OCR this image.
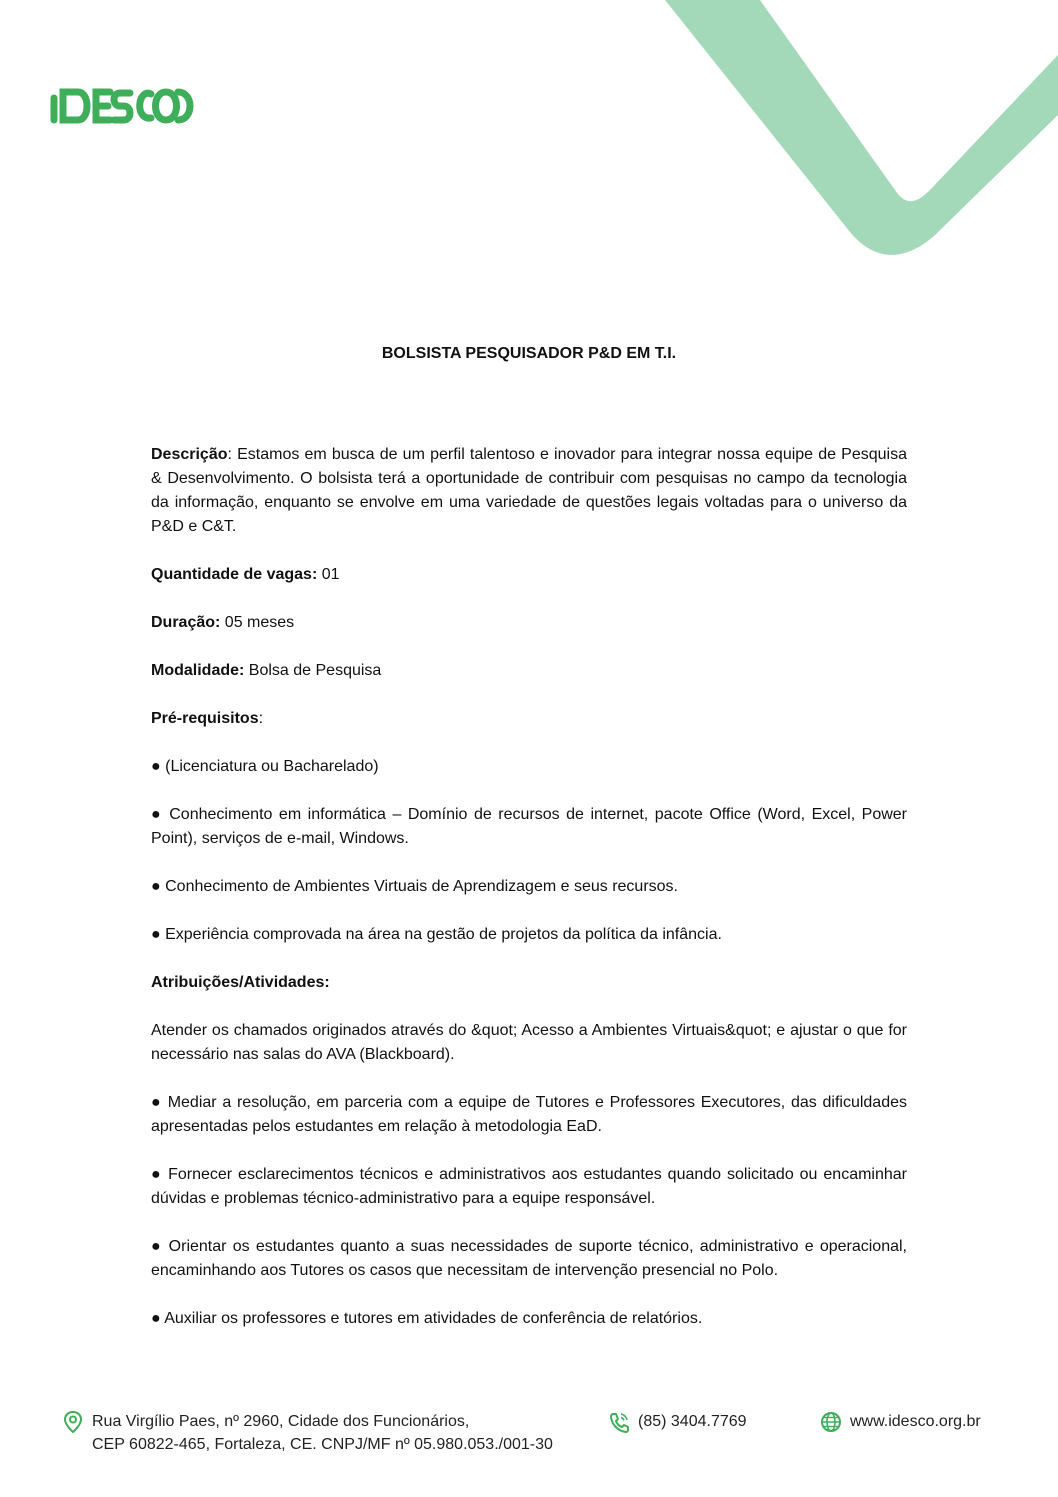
BOLSISTA PESQUISADOR P&D EM T.I.

Descrição: Estamos em busca de um perfil talentoso e inovador para integrar nossa equipe de Pesquisa & Desenvolvimento. O bolsista terá a oportunidade de contribuir com pesquisas no campo da tecnologia da informação, enquanto se envolve em uma variedade de questões legais voltadas para o universo da P&D e C&T.

Quantidade de vagas: 01

Duração: 05 meses

Modalidade: Bolsa de Pesquisa

Pré-requisitos:

● (Licenciatura ou Bacharelado)

● Conhecimento em informática – Domínio de recursos de internet, pacote Office (Word, Excel, Power Point), serviços de e-mail, Windows.

● Conhecimento de Ambientes Virtuais de Aprendizagem e seus recursos.

● Experiência comprovada na área na gestão de projetos da política da infância.

Atribuições/Atividades:

Atender os chamados originados através do &quot; Acesso a Ambientes Virtuais&quot; e ajustar o que for necessário nas salas do AVA (Blackboard).

● Mediar a resolução, em parceria com a equipe de Tutores e Professores Executores, das dificuldades apresentadas pelos estudantes em relação à metodologia EaD.

● Fornecer esclarecimentos técnicos e administrativos aos estudantes quando solicitado ou encaminhar dúvidas e problemas técnico-administrativo para a equipe responsável.

● Orientar os estudantes quanto a suas necessidades de suporte técnico, administrativo e operacional, encaminhando aos Tutores os casos que necessitam de intervenção presencial no Polo.

● Auxiliar os professores e tutores em atividades de conferência de relatórios.

Rua Virgílio Paes, nº 2960, Cidade dos Funcionários,
CEP 60822-465, Fortaleza, CE. CNPJ/MF nº 05.980.053./001-30
(85) 3404.7769	www.idesco.org.br
